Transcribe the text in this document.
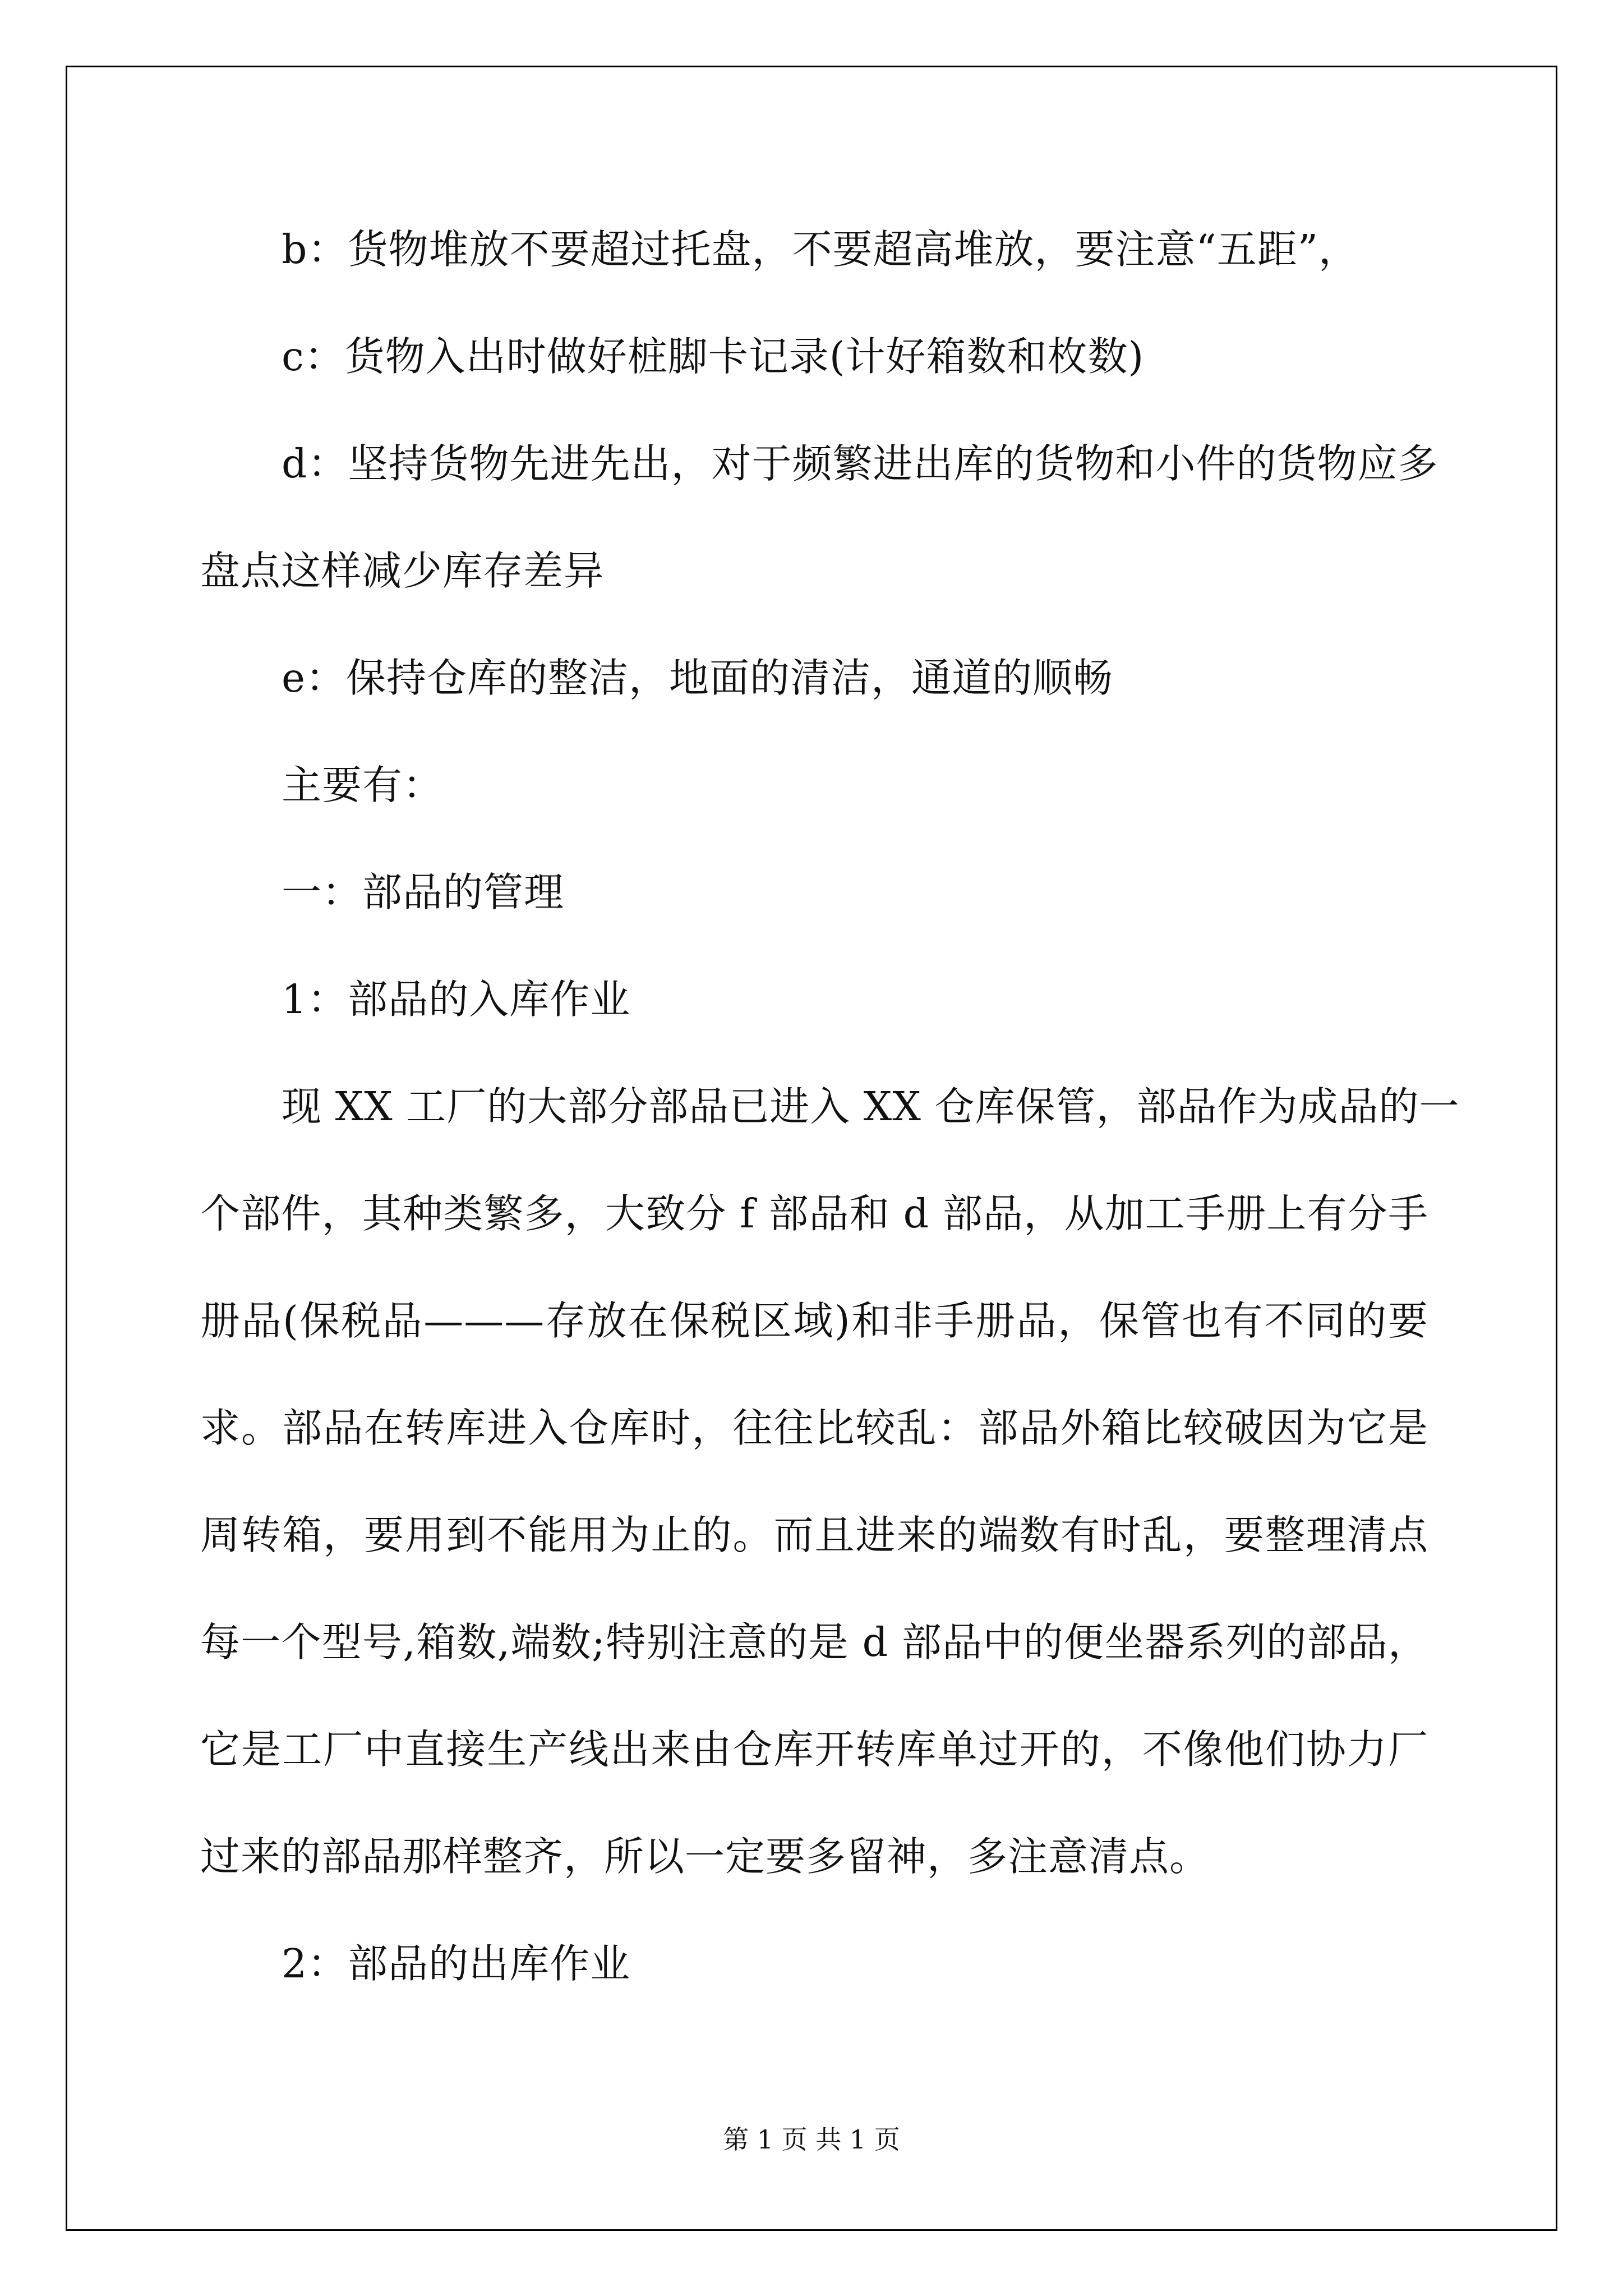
b：货物堆放不要超过托盘，不要超高堆放，要注意“五距”，
c：货物入出时做好桩脚卡记录(计好箱数和枚数)
d：坚持货物先进先出，对于频繁进出库的货物和小件的货物应多
盘点这样减少库存差异
e：保持仓库的整洁，地面的清洁，通道的顺畅
主要有：
一：部品的管理
1：部品的入库作业
现 XX 工厂的大部分部品已进入 XX 仓库保管，部品作为成品的一
个部件，其种类繁多，大致分 f 部品和 d 部品，从加工手册上有分手
册品(保税品———存放在保税区域)和非手册品，保管也有不同的要
求。部品在转库进入仓库时，往往比较乱：部品外箱比较破因为它是
周转箱，要用到不能用为止的。而且进来的端数有时乱，要整理清点
每一个型号,箱数,端数;特别注意的是 d 部品中的便坐器系列的部品，
它是工厂中直接生产线出来由仓库开转库单过开的，不像他们协力厂
过来的部品那样整齐，所以一定要多留神，多注意清点。
2：部品的出库作业
第 1 页 共 1 页
